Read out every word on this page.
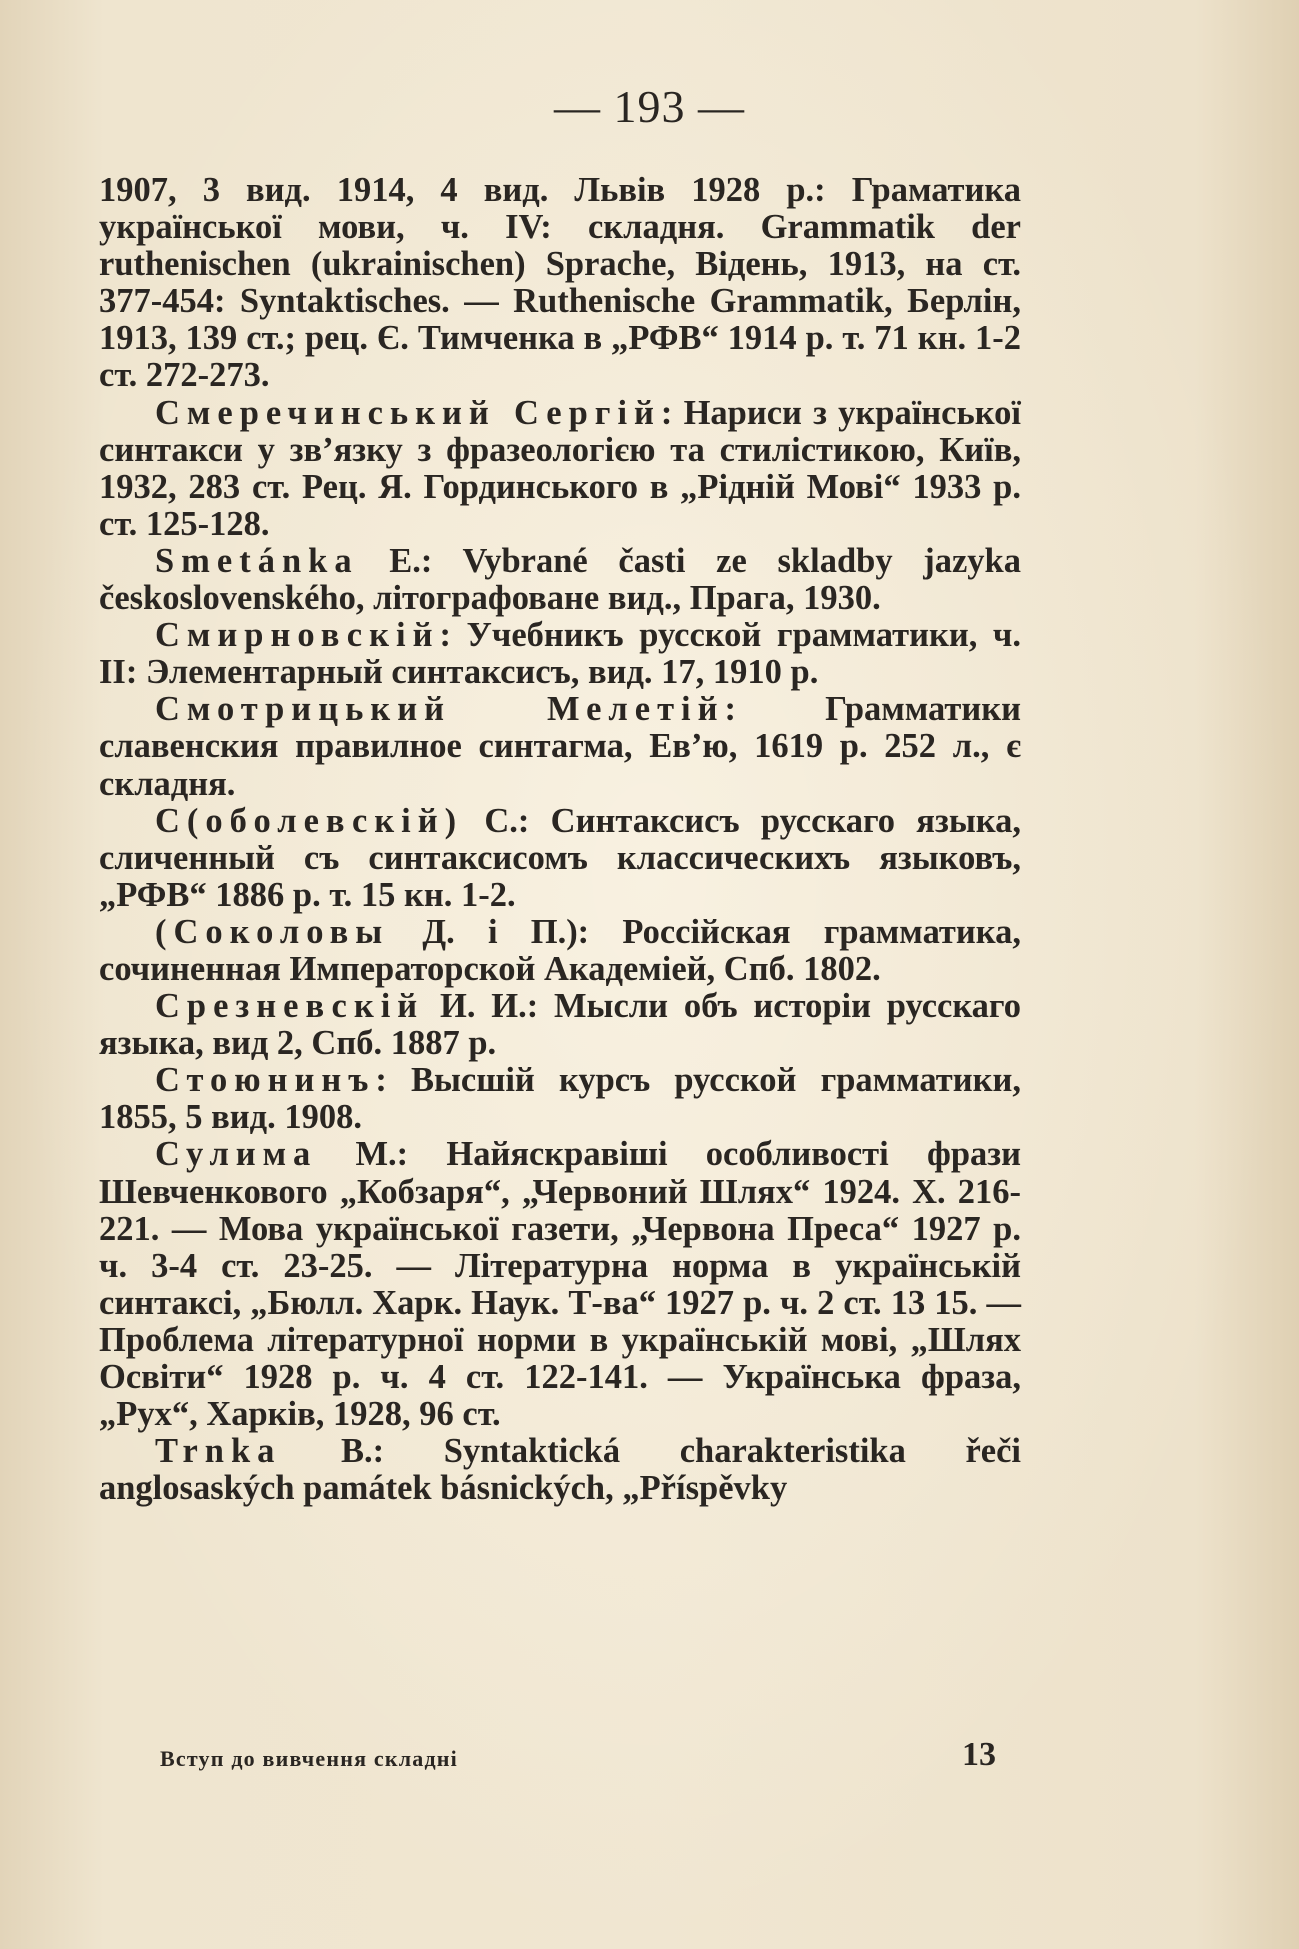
— 193 —

1907, 3 вид. 1914, 4 вид. Львів 1928 р.: Граматика української мови, ч. IV: складня. Grammatik der ruthenischen (ukrainischen) Sprache, Відень, 1913, на ст. 377-454: Syntaktisches. — Ruthenische Grammatik, Берлін, 1913, 139 ст.; рец. Є. Тимченка в „РФВ“ 1914 р. т. 71 кн. 1-2 ст. 272-273.

Смеречинський Сергій: Нариси з української синтакси у зв’язку з фразеологією та стилістикою, Київ, 1932, 283 ст. Рец. Я. Гординського в „Рідній Мові“ 1933 р. ст. 125-128.

Smetánka E.: Vybrané časti ze skladby jazyka československého, літографоване вид., Прага, 1930.

Смирновскій: Учебникъ русской грамматики, ч. II: Элементарный синтаксисъ, вид. 17, 1910 р.

Смотрицький Мелетій: Грамматики славенския правилное синтагма, Ев’ю, 1619 р. 252 л., є складня.

С(оболевскій) С.: Синтаксисъ русскаго языка, сличенный съ синтаксисомъ классическихъ языковъ, „РФВ“ 1886 р. т. 15 кн. 1-2.

(Соколовы Д. і П.): Россійская грамматика, сочиненная Императорской Академіей, Спб. 1802.

Срезневскій И. И.: Мысли объ исторіи русскаго языка, вид 2, Спб. 1887 р.

Стоюнинъ: Высшій курсъ русской грамматики, 1855, 5 вид. 1908.

Сулима М.: Найяскравіші особливості фрази Шевченкового „Кобзаря“, „Червоний Шлях“ 1924. X. 216-221. — Мова української газети, „Червона Преса“ 1927 р. ч. 3-4 ст. 23-25. — Літературна норма в українській синтаксі, „Бюлл. Харк. Наук. Т-ва“ 1927 р. ч. 2 ст. 13 15. — Проблема літературної норми в українській мові, „Шлях Освіти“ 1928 р. ч. 4 ст. 122-141. — Українська фраза, „Рух“, Харків, 1928, 96 ст.

Trnka B.: Syntaktická charakteristika řeči anglosaských památek básnických, „Příspěvky

Вступ до вивчення складні	13
